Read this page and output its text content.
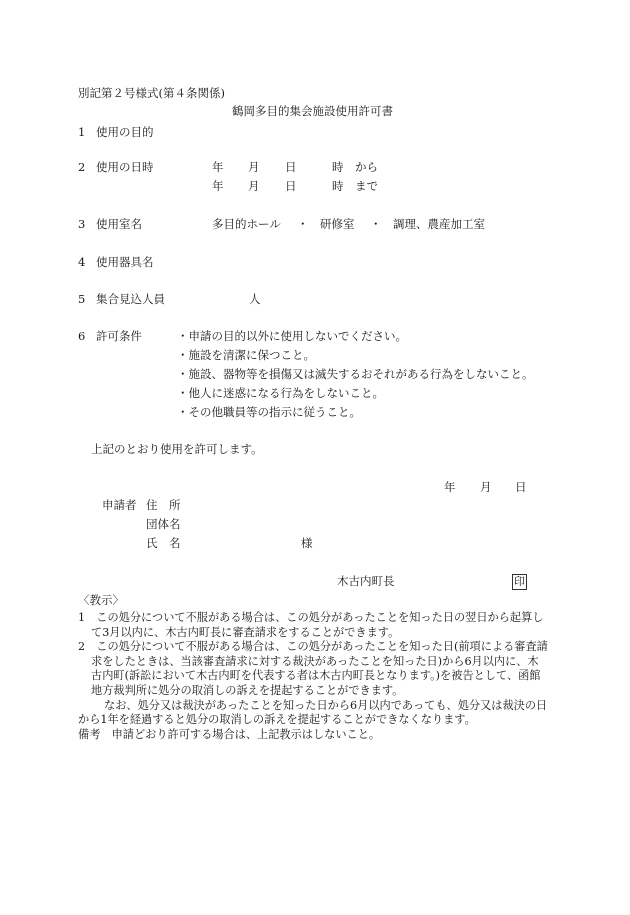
別記第２号様式(第４条関係)
鶴岡多目的集会施設使用許可書
1 使用の目的
2 使用の日時	年 月 日	時 から
年 月 日	時 まで
3 使用室名	多目的ホール ・ 研修室 ・ 調理、農産加工室
4 使用器具名
5 集合見込人員	人
6 許可条件	・申請の目的以外に使用しないでください。
・施設を清潔に保つこと。
・施設、器物等を損傷又は滅失するおそれがある行為をしないこと。
・他人に迷惑になる行為をしないこと。
・その他職員等の指示に従うこと。
上記のとおり使用を許可します。
年 月 日
申請者 住　所
団体名
氏　名	様
木古内町長	印
〈教示〉

1　この処分について不服がある場合は、この処分があったことを知った日の翌日から起算して3月以内に、木古内町長に審査請求をすることができます。

2　この処分について不服がある場合は、この処分があったことを知った日(前項による審査請求をしたときは、当該審査請求に対する裁決があったことを知った日)から6月以内に、木古内町(訴訟において木古内町を代表する者は木古内町長となります。)を被告として、函館地方裁判所に処分の取消しの訴えを提起することができます。

なお、処分又は裁決があったことを知った日から6月以内であっても、処分又は裁決の日から1年を経過すると処分の取消しの訴えを提起することができなくなります。

備考　申請どおり許可する場合は、上記教示はしないこと。
